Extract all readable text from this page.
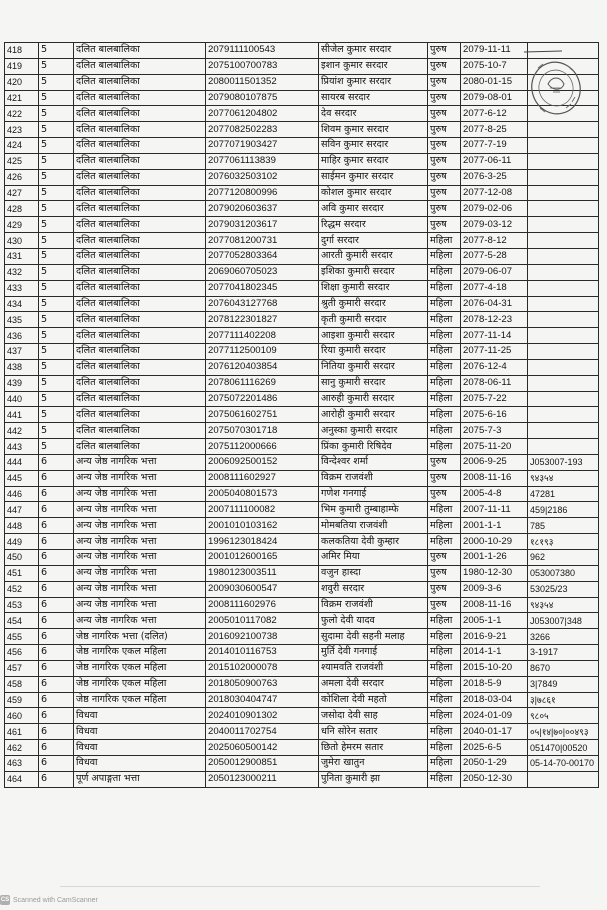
418	5	दलित बालबालिका	2079111100543	सीजेल कुमार सरदार	पुरुष	2079-11-11	
419	5	दलित बालबालिका	2075100700783	इशान कुमार सरदार	पुरुष	2075-10-7	
420	5	दलित बालबालिका	2080011501352	प्रियांश कुमार सरदार	पुरुष	2080-01-15	
421	5	दलित बालबालिका	2079080107875	सायरब सरदार	पुरुष	2079-08-01	
422	5	दलित बालबालिका	2077061204802	देव सरदार	पुरुष	2077-6-12	
423	5	दलित बालबालिका	2077082502283	शिवम कुमार सरदार	पुरुष	2077-8-25	
424	5	दलित बालबालिका	2077071903427	सविन कुमार सरदार	पुरुष	2077-7-19	
425	5	दलित बालबालिका	2077061113839	माहिर कुमार सरदार	पुरुष	2077-06-11	
426	5	दलित बालबालिका	2076032503102	साईमन कुमार सरदार	पुरुष	2076-3-25	
427	5	दलित बालबालिका	2077120800996	कोशल कुमार सरदार	पुरुष	2077-12-08	
428	5	दलित बालबालिका	2079020603637	अवि कुमार सरदार	पुरुष	2079-02-06	
429	5	दलित बालबालिका	2079031203617	रिद्धम सरदार	पुरुष	2079-03-12	
430	5	दलित बालबालिका	2077081200731	दुर्गा सरदार	महिला	2077-8-12	
431	5	दलित बालबालिका	2077052803364	आरती कुमारी सरदार	महिला	2077-5-28	
432	5	दलित बालबालिका	2069060705023	इशिका कुमारी सरदार	महिला	2079-06-07	
433	5	दलित बालबालिका	2077041802345	शिक्षा कुमारी सरदार	महिला	2077-4-18	
434	5	दलित बालबालिका	2076043127768	श्रुती कुमारी सरदार	महिला	2076-04-31	
435	5	दलित बालबालिका	2078122301827	कृती कुमारी सरदार	महिला	2078-12-23	
436	5	दलित बालबालिका	2077111402208	आइशा कुमारी सरदार	महिला	2077-11-14	
437	5	दलित बालबालिका	2077112500109	रिया कुमारी सरदार	महिला	2077-11-25	
438	5	दलित बालबालिका	2076120403854	नितिया कुमारी सरदार	महिला	2076-12-4	
439	5	दलित बालबालिका	2078061116269	सानु कुमारी सरदार	महिला	2078-06-11	
440	5	दलित बालबालिका	2075072201486	आरुही कुमारी सरदार	महिला	2075-7-22	
441	5	दलित बालबालिका	2075061602751	आरोही कुमारी सरदार	महिला	2075-6-16	
442	5	दलित बालबालिका	2075070301718	अनुस्का कुमारी सरदार	महिला	2075-7-3	
443	5	दलित बालबालिका	2075112000666	प्रिंका कुमारी रिषिदेव	महिला	2075-11-20	
444	6	अन्य जेष्ठ नागरिक भत्ता	2006092500152	विन्देश्वर शर्मा	पुरुष	2006-9-25	J053007-193
445	6	अन्य जेष्ठ नागरिक भत्ता	2008111602927	विक्रम राजवंशी	पुरुष	2008-11-16	९४३५४
446	6	अन्य जेष्ठ नागरिक भत्ता	2005040801573	गणेश गनगाई	पुरुष	2005-4-8	47281
447	6	अन्य जेष्ठ नागरिक भत्ता	2007111100082	भिम कुमारी तुम्बाहाम्फे	महिला	2007-11-11	459|2186
448	6	अन्य जेष्ठ नागरिक भत्ता	2001010103162	मोमबतिया राजवंशी	महिला	2001-1-1	785
449	6	अन्य जेष्ठ नागरिक भत्ता	1996123018424	कलकतिया देवी कुम्हार	महिला	2000-10-29	१८१९३
450	6	अन्य जेष्ठ नागरिक भत्ता	2001012600165	अमिर मिया	पुरुष	2001-1-26	962
451	6	अन्य जेष्ठ नागरिक भत्ता	1980123003511	वजुन हास्दा	पुरुष	1980-12-30	053007380
452	6	अन्य जेष्ठ नागरिक भत्ता	2009030600547	शवुरी सरदार	पुरुष	2009-3-6	53025/23
453	6	अन्य जेष्ठ नागरिक भत्ता	2008111602976	विक्रम राजवंशी	पुरुष	2008-11-16	९४३५४
454	6	अन्य जेष्ठ नागरिक भत्ता	2005010117082	फुलो देवी यादव	महिला	2005-1-1	J053007|348
455	6	जेष्ठ नागरिक भत्ता (दलित)	2016092100738	सुदामा देवी सहनी मलाह	महिला	2016-9-21	3266
456	6	जेष्ठ नागरिक एकल महिला	2014010116753	मुर्ति देवी गनगाई	महिला	2014-1-1	3-1917
457	6	जेष्ठ नागरिक एकल महिला	2015102000078	श्यामवति राजवंशी	महिला	2015-10-20	8670
458	6	जेष्ठ नागरिक एकल महिला	2018050900763	अमला देवी सरदार	महिला	2018-5-9	3|7849
459	6	जेष्ठ नागरिक एकल महिला	2018030404747	कोशिला देवी महतो	महिला	2018-03-04	३|७८६१
460	6	विधवा	2024010901302	जसोदा देवी साह	महिला	2024-01-09	९८०५
461	6	विधवा	2040011702754	धनि सोरेन सतार	महिला	2040-01-17	०५|१४|७०|००४९३
462	6	विधवा	2025060500142	छितो हेमरम सतार	महिला	2025-6-5	051470|00520
463	6	विधवा	2050012900851	जुमेरा खातुन	महिला	2050-1-29	05-14-70-00170
464	6	पूर्ण अपाङ्गता भत्ता	2050123000211	पुनिता कुमारी झा	महिला	2050-12-30	
CS Scanned with CamScanner
